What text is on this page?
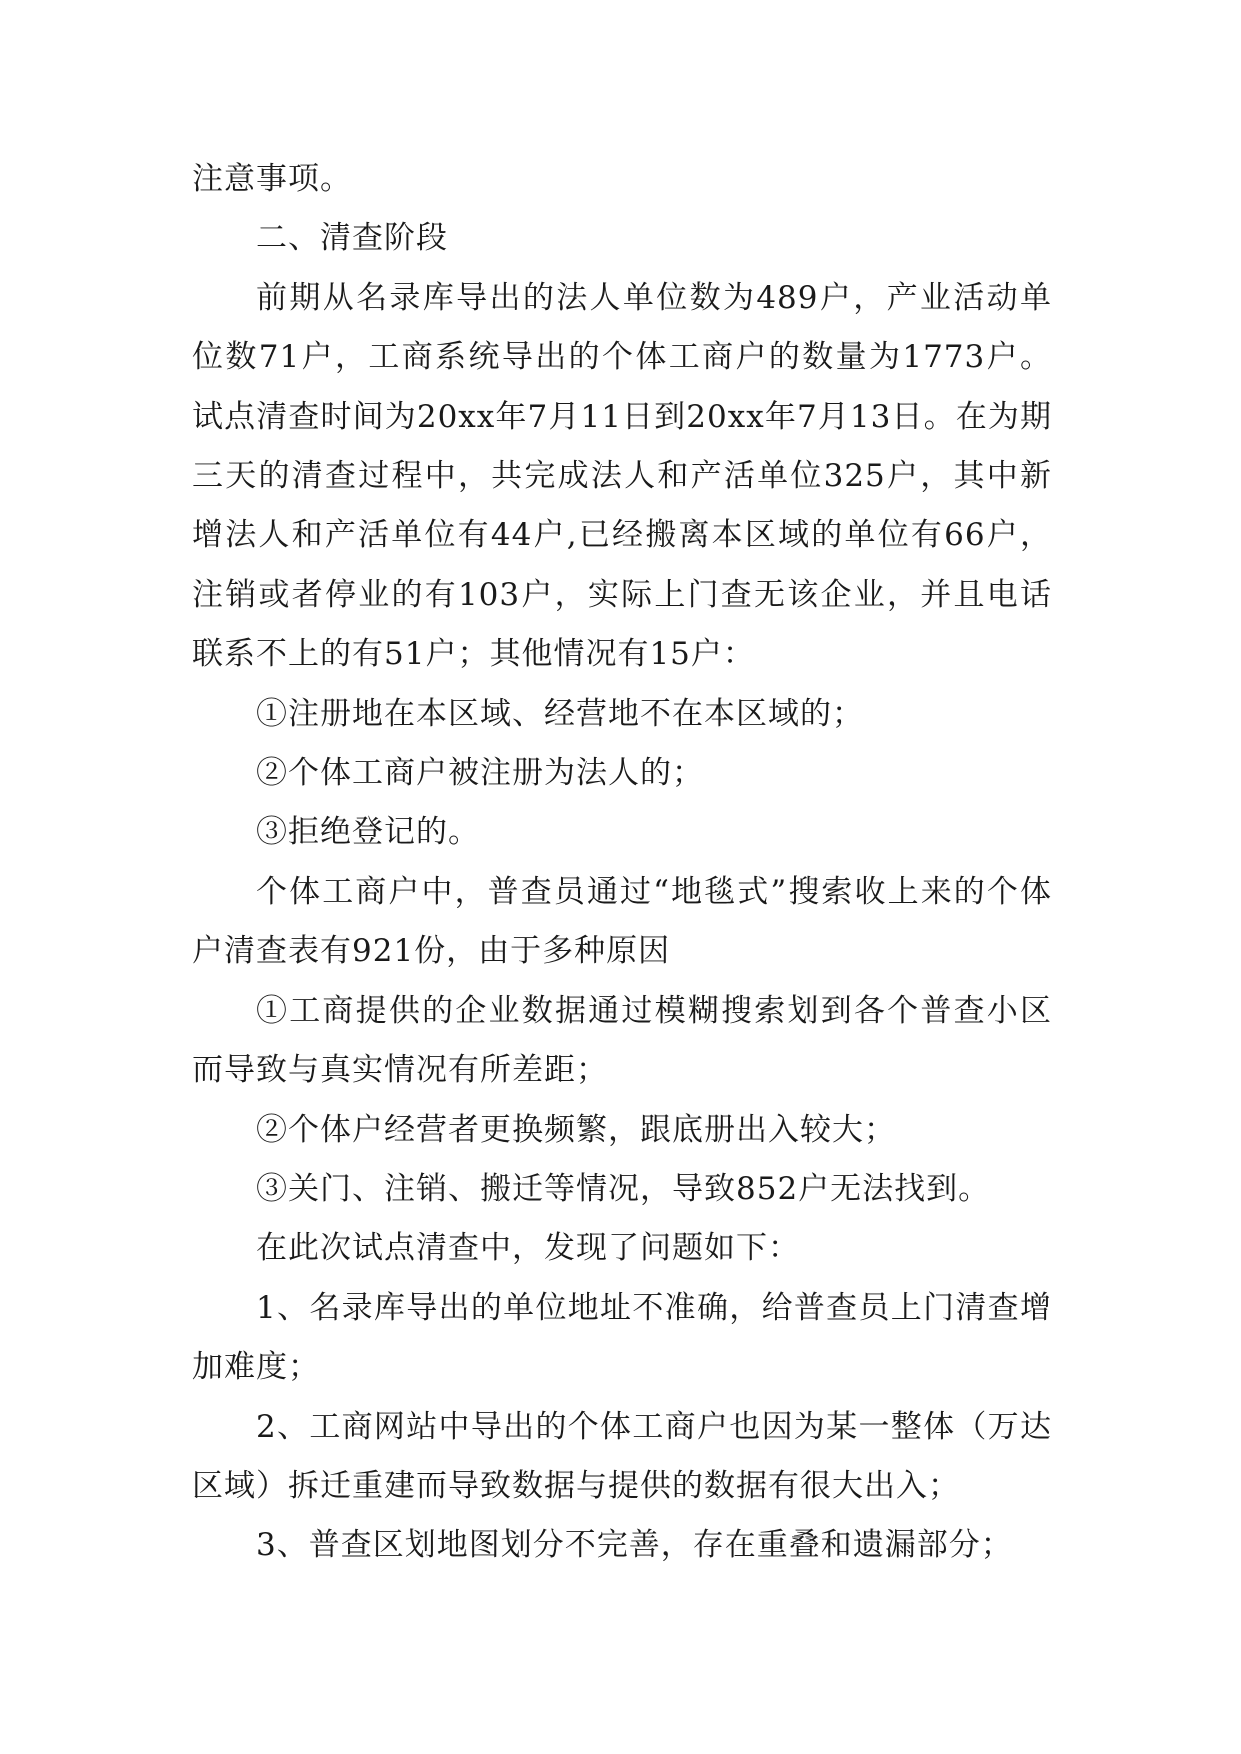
注意事项。

二、清查阶段

前期从名录库导出的法人单位数为489户，产业活动单位数71户，工商系统导出的个体工商户的数量为1773户。试点清查时间为20xx年7月11日到20xx年7月13日。在为期三天的清查过程中，共完成法人和产活单位325户，其中新增法人和产活单位有44户,已经搬离本区域的单位有66户，注销或者停业的有103户，实际上门查无该企业，并且电话联系不上的有51户；其他情况有15户：

①注册地在本区域、经营地不在本区域的；

②个体工商户被注册为法人的；

③拒绝登记的。

个体工商户中，普查员通过“地毯式”搜索收上来的个体户清查表有921份，由于多种原因

①工商提供的企业数据通过模糊搜索划到各个普查小区而导致与真实情况有所差距；

②个体户经营者更换频繁，跟底册出入较大；

③关门、注销、搬迁等情况，导致852户无法找到。

在此次试点清查中，发现了问题如下：

1、名录库导出的单位地址不准确，给普查员上门清查增加难度；

2、工商网站中导出的个体工商户也因为某一整体（万达区域）拆迁重建而导致数据与提供的数据有很大出入；

3、普查区划地图划分不完善，存在重叠和遗漏部分；
